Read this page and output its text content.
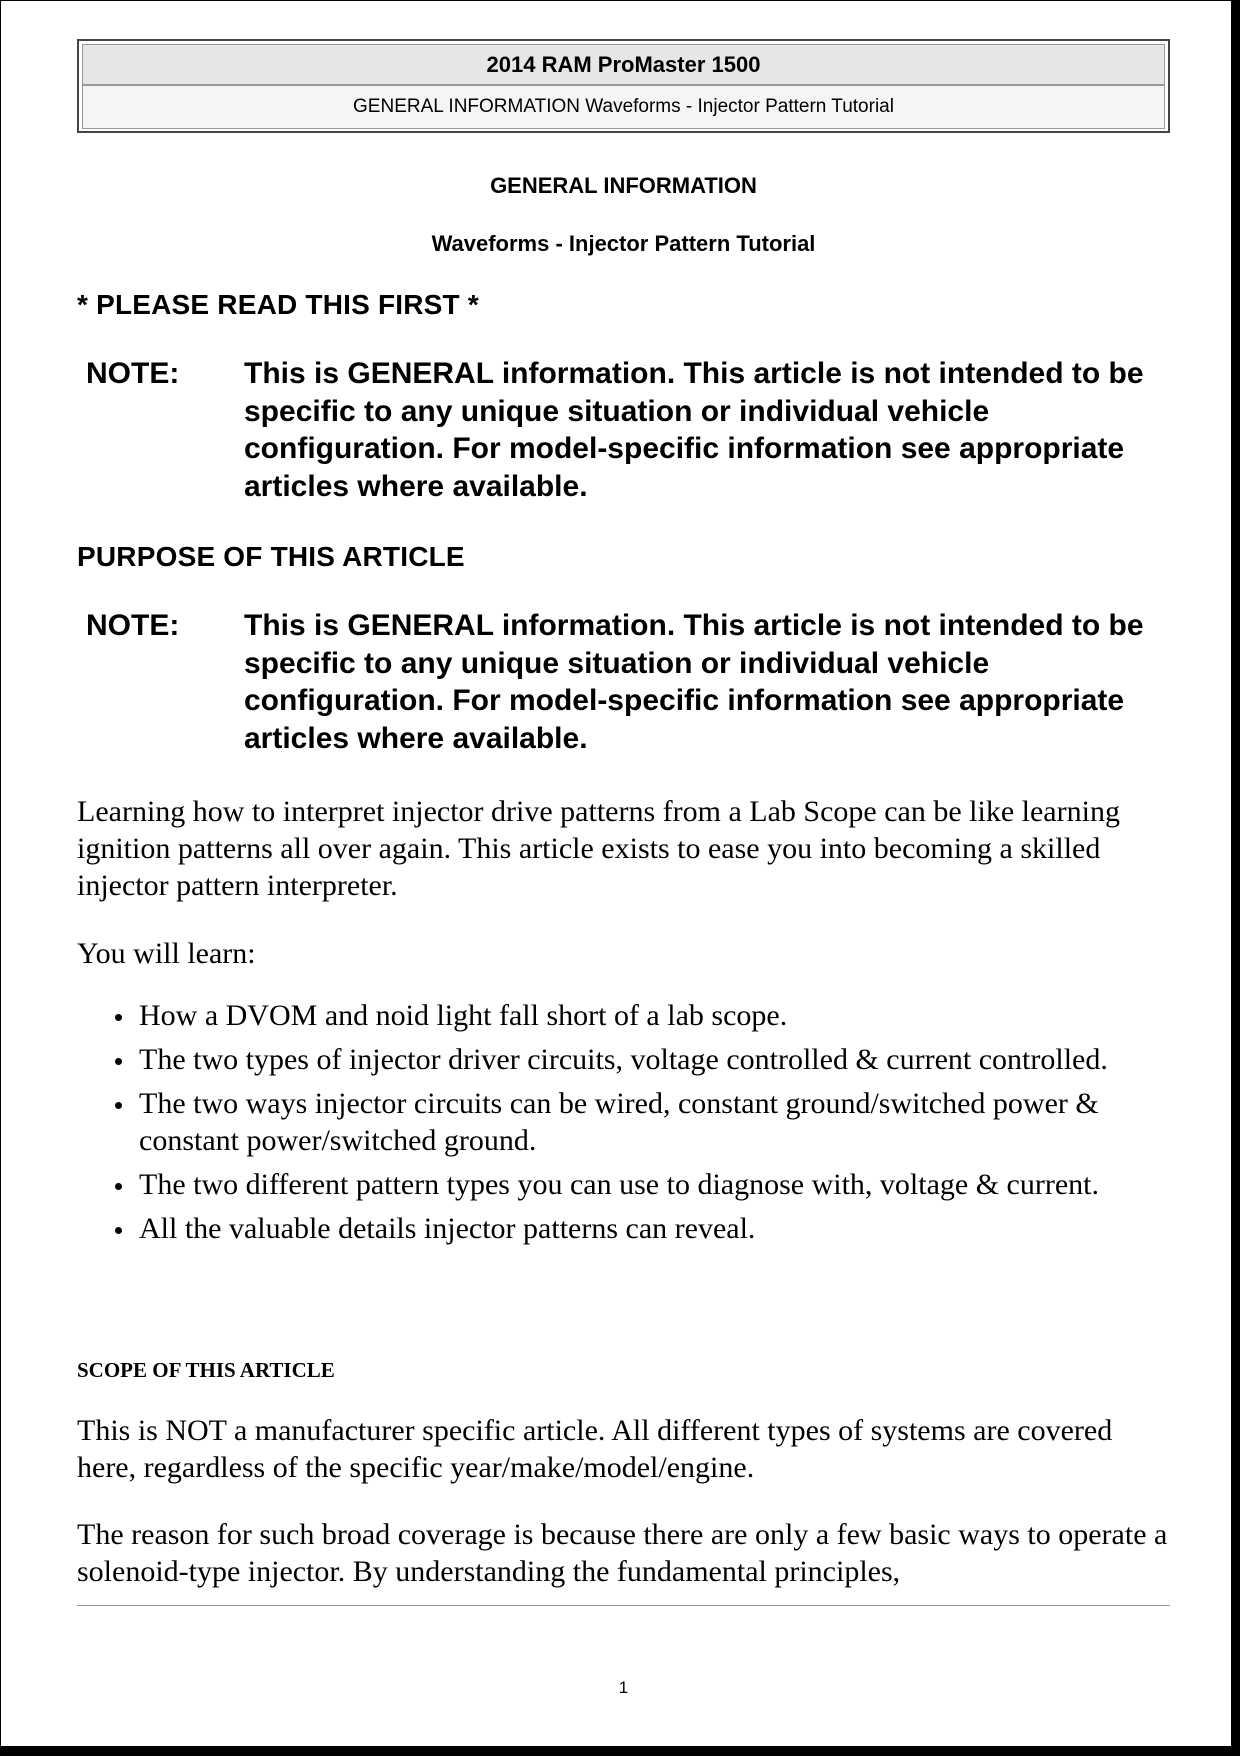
2014 RAM ProMaster 1500
GENERAL INFORMATION Waveforms - Injector Pattern Tutorial
GENERAL INFORMATION
Waveforms - Injector Pattern Tutorial
* PLEASE READ THIS FIRST *
NOTE: This is GENERAL information. This article is not intended to be specific to any unique situation or individual vehicle configuration. For model-specific information see appropriate articles where available.
PURPOSE OF THIS ARTICLE
NOTE: This is GENERAL information. This article is not intended to be specific to any unique situation or individual vehicle configuration. For model-specific information see appropriate articles where available.
Learning how to interpret injector drive patterns from a Lab Scope can be like learning ignition patterns all over again. This article exists to ease you into becoming a skilled injector pattern interpreter.
You will learn:
How a DVOM and noid light fall short of a lab scope.
The two types of injector driver circuits, voltage controlled & current controlled.
The two ways injector circuits can be wired, constant ground/switched power & constant power/switched ground.
The two different pattern types you can use to diagnose with, voltage & current.
All the valuable details injector patterns can reveal.
SCOPE OF THIS ARTICLE
This is NOT a manufacturer specific article. All different types of systems are covered here, regardless of the specific year/make/model/engine.
The reason for such broad coverage is because there are only a few basic ways to operate a solenoid-type injector. By understanding the fundamental principles,
1
